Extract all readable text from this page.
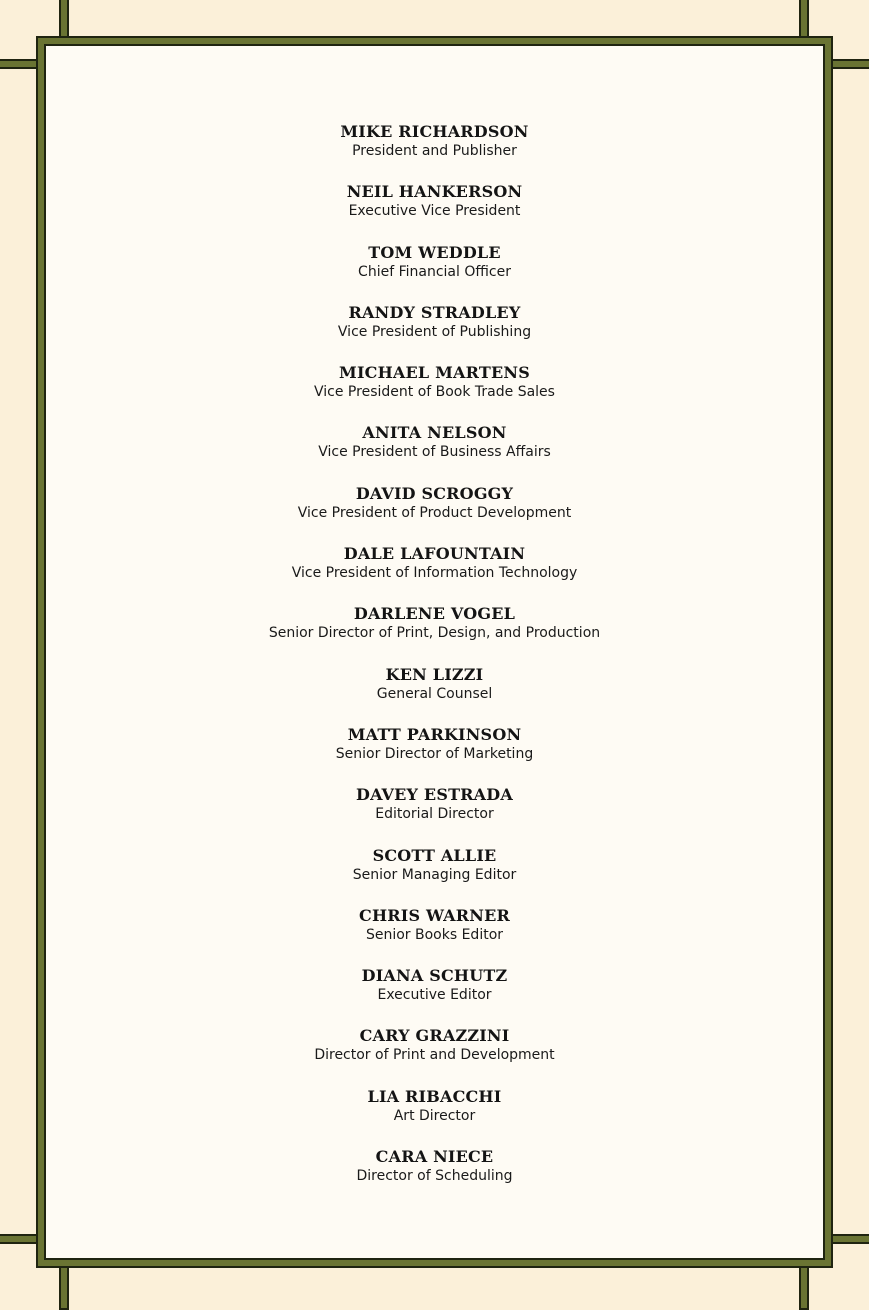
MIKE RICHARDSON
President and Publisher
NEIL HANKERSON
Executive Vice President
TOM WEDDLE
Chief Financial Officer
RANDY STRADLEY
Vice President of Publishing
MICHAEL MARTENS
Vice President of Book Trade Sales
ANITA NELSON
Vice President of Business Affairs
DAVID SCROGGY
Vice President of Product Development
DALE LAFOUNTAIN
Vice President of Information Technology
DARLENE VOGEL
Senior Director of Print, Design, and Production
KEN LIZZI
General Counsel
MATT PARKINSON
Senior Director of Marketing
DAVEY ESTRADA
Editorial Director
SCOTT ALLIE
Senior Managing Editor
CHRIS WARNER
Senior Books Editor
DIANA SCHUTZ
Executive Editor
CARY GRAZZINI
Director of Print and Development
LIA RIBACCHI
Art Director
CARA NIECE
Director of Scheduling
